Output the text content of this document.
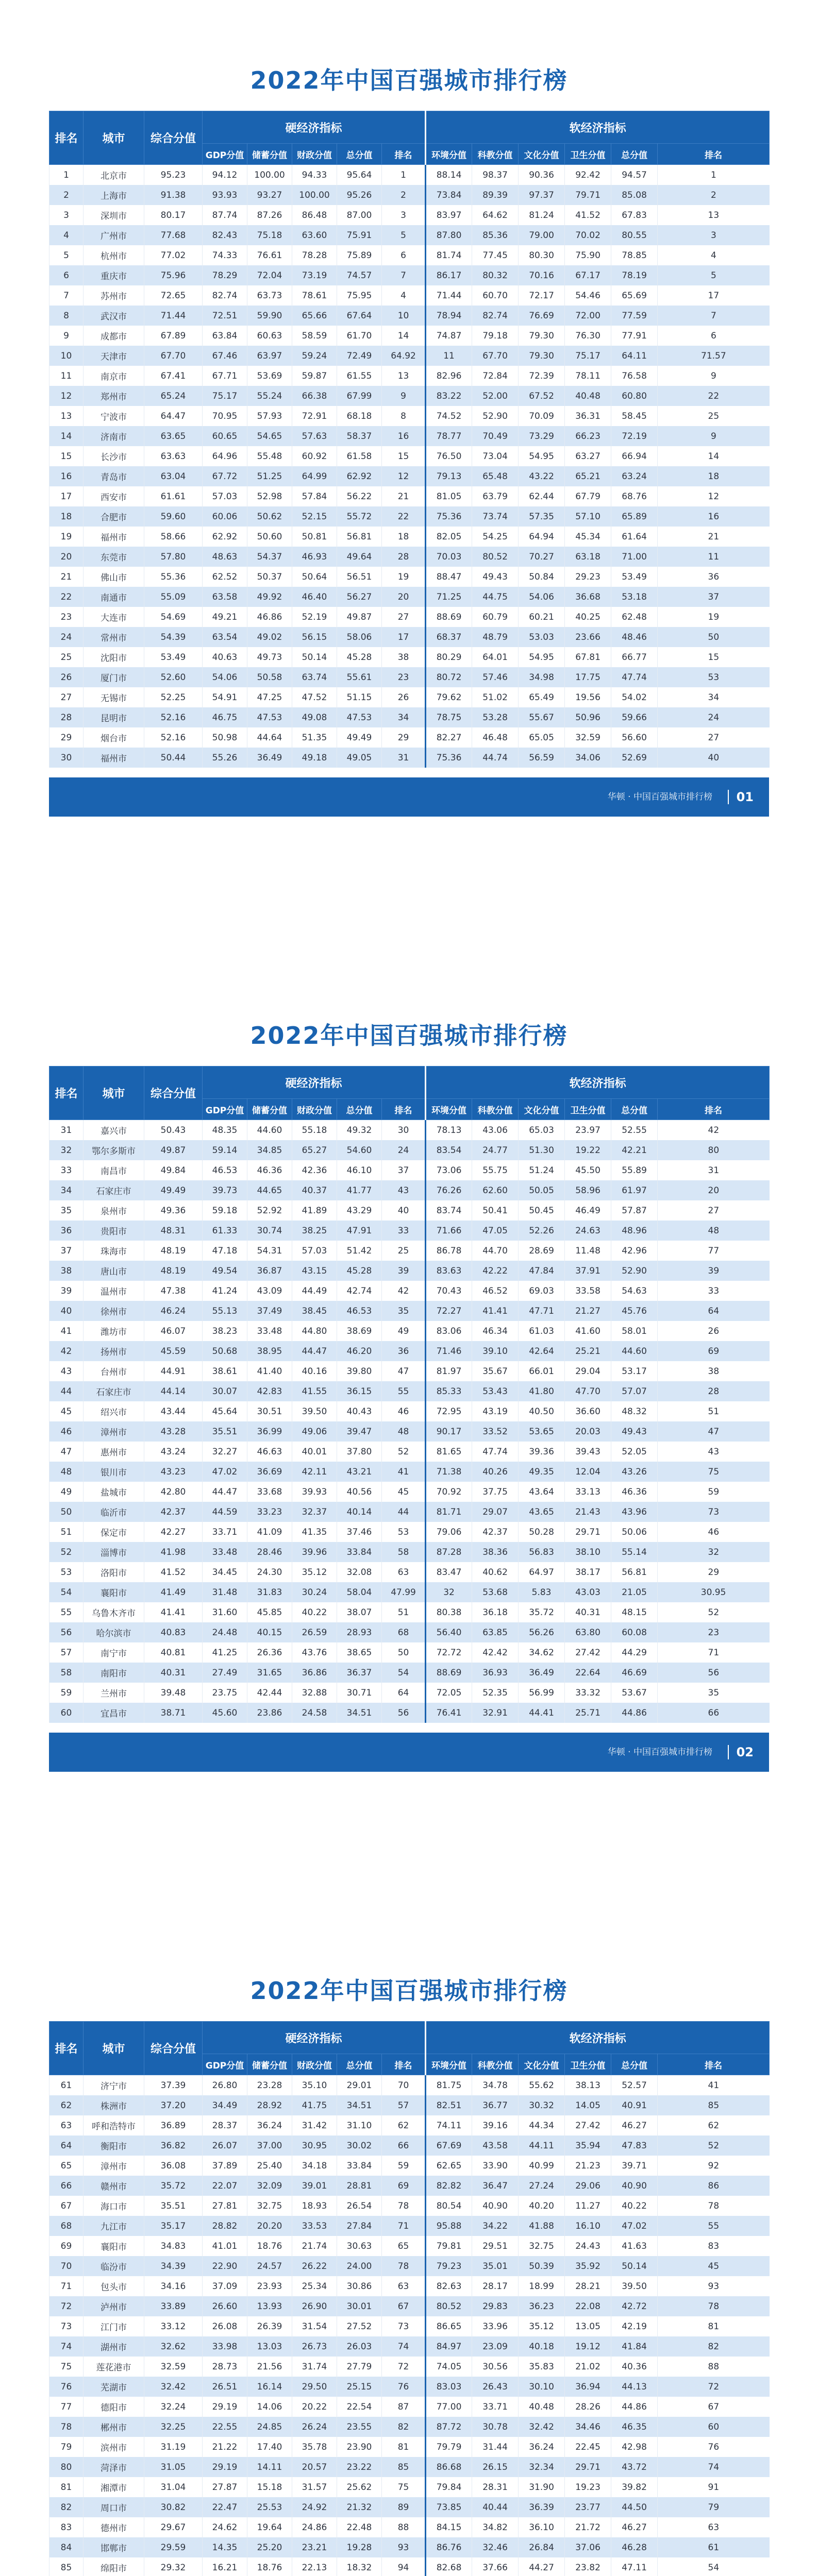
2022年中国百强城市排行榜
排名	城市	综合分值	硬经济指标					软经济指标					
			GDP分值	储蓄分值	财政分值	总分值	排名	环境分值	科教分值	文化分值	卫生分值	总分值	排名
1	北京市	95.23	94.12	100.00	94.33	95.64	1	88.14	98.37	90.36	92.42	94.57	1
2	上海市	91.38	93.93	93.27	100.00	95.26	2	73.84	89.39	97.37	79.71	85.08	2
3	深圳市	80.17	87.74	87.26	86.48	87.00	3	83.97	64.62	81.24	41.52	67.83	13
4	广州市	77.68	82.43	75.18	63.60	75.91	5	87.80	85.36	79.00	70.02	80.55	3
5	杭州市	77.02	74.33	76.61	78.28	75.89	6	81.74	77.45	80.30	75.90	78.85	4
6	重庆市	75.96	78.29	72.04	73.19	74.57	7	86.17	80.32	70.16	67.17	78.19	5
7	苏州市	72.65	82.74	63.73	78.61	75.95	4	71.44	60.70	72.17	54.46	65.69	17
8	武汉市	71.44	72.51	59.90	65.66	67.64	10	78.94	82.74	76.69	72.00	77.59	7
9	成都市	67.89	63.84	60.63	58.59	61.70	14	74.87	79.18	79.30	76.30	77.91	6
10	天津市	67.70	67.46	63.97	59.24	72.49	64.92	11	67.70	79.30	75.17	64.11	71.57
11	南京市	67.41	67.71	53.69	59.87	61.55	13	82.96	72.84	72.39	78.11	76.58	9
12	郑州市	65.24	75.17	55.24	66.38	67.99	9	83.22	52.00	67.52	40.48	60.80	22
13	宁波市	64.47	70.95	57.93	72.91	68.18	8	74.52	52.90	70.09	36.31	58.45	25
14	济南市	63.65	60.65	54.65	57.63	58.37	16	78.77	70.49	73.29	66.23	72.19	9
15	长沙市	63.63	64.96	55.48	60.92	61.58	15	76.50	73.04	54.95	63.27	66.94	14
16	青岛市	63.04	67.72	51.25	64.99	62.92	12	79.13	65.48	43.22	65.21	63.24	18
17	西安市	61.61	57.03	52.98	57.84	56.22	21	81.05	63.79	62.44	67.79	68.76	12
18	合肥市	59.60	60.06	50.62	52.15	55.72	22	75.36	73.74	57.35	57.10	65.89	16
19	福州市	58.66	62.92	50.60	50.81	56.81	18	82.05	54.25	64.94	45.34	61.64	21
20	东莞市	57.80	48.63	54.37	46.93	49.64	28	70.03	80.52	70.27	63.18	71.00	11
21	佛山市	55.36	62.52	50.37	50.64	56.51	19	88.47	49.43	50.84	29.23	53.49	36
22	南通市	55.09	63.58	49.92	46.40	56.27	20	71.25	44.75	54.06	36.68	53.18	37
23	大连市	54.69	49.21	46.86	52.19	49.87	27	88.69	60.79	60.21	40.25	62.48	19
24	常州市	54.39	63.54	49.02	56.15	58.06	17	68.37	48.79	53.03	23.66	48.46	50
25	沈阳市	53.49	40.63	49.73	50.14	45.28	38	80.29	64.01	54.95	67.81	66.77	15
26	厦门市	52.60	54.06	50.58	63.74	55.61	23	80.72	57.46	34.98	17.75	47.74	53
27	无锡市	52.25	54.91	47.25	47.52	51.15	26	79.62	51.02	65.49	19.56	54.02	34
28	昆明市	52.16	46.75	47.53	49.08	47.53	34	78.75	53.28	55.67	50.96	59.66	24
29	烟台市	52.16	50.98	44.64	51.35	49.49	29	82.27	46.48	65.05	32.59	56.60	27
30	福州市	50.44	55.26	36.49	49.18	49.05	31	75.36	44.74	56.59	34.06	52.69	40
华顿 · 中国百强城市排行榜 01
2022年中国百强城市排行榜
排名	城市	综合分值	硬经济指标					软经济指标						
			GDP分值	储蓄分值	财政分值	总分值	排名	环境分值	科教分值	文化分值	卫生分值	总分值	排名	
31	嘉兴市	50.43	48.35	44.60	55.18	49.32	30	78.13	43.06	65.03	23.97	52.55	42	
32	鄂尔多斯市	49.87	59.14	34.85	65.27	54.60	24	83.54	24.77	51.30	19.22	42.21	80	
33	南昌市	49.84	46.53	46.36	42.36	46.10	37	73.06	55.75	51.24	45.50	55.89	31	
34	石家庄市	49.49	39.73	44.65	40.37	41.77	43	76.26	62.60	50.05	58.96	61.97	20	
35	泉州市	49.36	59.18	52.92	41.89	43.29	40	83.74	50.41	50.45	46.49	57.87	27	
36	贵阳市	48.31	61.33	30.74	38.25	47.91	33	71.66	47.05	52.26	24.63	48.96	48	
37	珠海市	48.19	47.18	54.31	57.03	51.42	25	86.78	44.70	28.69	11.48	42.96	77	
38	唐山市	48.19	49.54	36.87	43.15	45.28	39	83.63	42.22	47.84	37.91	52.90	39	
39	温州市	47.38	41.24	43.09	44.49	42.74	42	70.43	46.52	69.03	33.58	54.63	33	
40	徐州市	46.24	55.13	37.49	38.45	46.53	35	72.27	41.41	47.71	21.27	45.76	64	
41	潍坊市	46.07	38.23	33.48	44.80	38.69	49	83.06	46.34	61.03	41.60	58.01	26	
42	扬州市	45.59	50.68	38.95	44.47	46.20	36	71.46	39.10	42.64	25.21	44.60	69	
43	台州市	44.91	38.61	41.40	40.16	39.80	47	81.97	35.67	66.01	29.04	53.17	38	
44	石家庄市	44.14	30.07	42.83	41.55	36.15	55	85.33	53.43	41.80	47.70	57.07	28	
45	绍兴市	43.44	45.64	30.51	39.50	40.43	46	72.95	43.19	40.50	36.60	48.32	51	
46	漳州市	43.28	35.51	36.99	49.06	39.47	48	90.17	33.52	53.65	20.03	49.43	47	
47	惠州市	43.24	32.27	46.63	40.01	37.80	52	81.65	47.74	39.36	39.43	52.05	43	
48	银川市	43.23	47.02	36.69	42.11	43.21	41	71.38	40.26	49.35	12.04	43.26	75	
49	盐城市	42.80	44.47	33.68	39.93	40.56	45	70.92	37.75	43.64	33.13	46.36	59	
50	临沂市	42.37	44.59	33.23	32.37	40.14	44	81.71	29.07	43.65	21.43	43.96	73	
51	保定市	42.27	33.71	41.09	41.35	37.46	53	79.06	42.37	50.28	29.71	50.06	46	
52	淄博市	41.98	33.48	28.46	39.96	33.84	58	87.28	38.36	56.83	38.10	55.14	32	
53	洛阳市	41.52	34.45	24.30	35.12	32.08	63	83.47	40.62	64.97	38.17	56.81	29	
54	襄阳市	41.49	31.48	31.83	30.24	58.04	47.99	32	53.68	5.83	43.03	21.05	30.95	
55	乌鲁木齐市	41.41	31.60	45.85	40.22	38.07	51	80.38	36.18	35.72	40.31	48.15	52	
56	哈尔滨市	40.83	24.48	40.15	26.59	28.93	68	56.40	63.85	56.26	63.80	60.08	23	
57	南宁市	40.81	41.25	26.36	43.76	38.65	50	72.72	42.42	34.62	27.42	44.29	71	
58	南阳市	40.31	27.49	31.65	36.86	36.37	54	88.69	36.93	36.49	22.64	46.69	56	
59	兰州市	39.48	23.75	42.44	32.88	30.71	64	72.05	52.35	56.99	33.32	53.67	35	
60	宜昌市	38.71	45.60	23.86	24.58	34.51	56	76.41	32.91	44.41	25.71	44.86	66	
华顿 · 中国百强城市排行榜 02
2022年中国百强城市排行榜
排名	城市	综合分值	硬经济指标					软经济指标					
			GDP分值	储蓄分值	财政分值	总分值	排名	环境分值	科教分值	文化分值	卫生分值	总分值	排名
61	济宁市	37.39	26.80	23.28	35.10	29.01	70	81.75	34.78	55.62	38.13	52.57	41
62	株洲市	37.20	34.49	28.92	41.75	34.51	57	82.51	36.77	30.32	14.05	40.91	85
63	呼和浩特市	36.89	28.37	36.24	31.42	31.10	62	74.11	39.16	44.34	27.42	46.27	62
64	衡阳市	36.82	26.07	37.00	30.95	30.02	66	67.69	43.58	44.11	35.94	47.83	52
65	漳州市	36.08	37.89	25.40	34.18	33.84	59	62.65	33.90	40.99	21.23	39.71	92
66	赣州市	35.72	22.07	32.09	39.01	28.81	69	82.82	36.47	27.24	29.06	40.90	86
67	海口市	35.51	27.81	32.75	18.93	26.54	78	80.54	40.90	40.20	11.27	40.22	78
68	九江市	35.17	28.82	20.20	33.53	27.84	71	95.88	34.22	41.88	16.10	47.02	55
69	襄阳市	34.83	41.01	18.76	21.74	30.63	65	79.81	29.51	32.75	24.43	41.63	83
70	临汾市	34.39	22.90	24.57	26.22	24.00	78	79.23	35.01	50.39	35.92	50.14	45
71	包头市	34.16	37.09	23.93	25.34	30.86	63	82.63	28.17	18.99	28.21	39.50	93
72	泸州市	33.89	26.60	13.93	26.90	30.01	67	80.52	29.83	36.23	22.08	42.72	78
73	江门市	33.12	26.08	26.39	31.54	27.52	73	86.65	33.96	35.12	13.05	42.19	81
74	湖州市	32.62	33.98	13.03	26.73	26.03	74	84.97	23.09	40.18	19.12	41.84	82
75	莲花港市	32.59	28.73	21.56	31.74	27.79	72	74.05	30.56	35.83	21.02	40.36	88
76	芜湖市	32.42	26.51	16.14	29.50	25.15	76	83.03	26.43	30.10	36.94	44.13	72
77	德阳市	32.24	29.19	14.06	20.22	22.54	87	77.00	33.71	40.48	28.26	44.86	67
78	郴州市	32.25	22.55	24.85	26.24	23.55	82	87.72	30.78	32.42	34.46	46.35	60
79	滨州市	31.19	21.22	17.40	35.78	23.90	81	79.79	31.44	36.24	22.45	42.98	76
80	菏泽市	31.05	29.19	14.11	20.57	23.22	85	86.68	26.15	32.34	29.71	43.72	74
81	湘潭市	31.04	27.87	15.18	31.57	25.62	75	79.84	28.31	31.90	19.23	39.82	91
82	周口市	30.82	22.47	25.53	24.92	21.32	89	73.85	40.44	36.39	23.77	44.50	79
83	德州市	29.67	24.62	19.64	24.86	22.48	88	84.15	34.82	36.10	21.72	46.27	63
84	邯郸市	29.59	14.35	25.20	23.21	19.28	93	86.76	32.46	26.84	37.06	46.28	61
85	绵阳市	29.32	16.21	18.76	22.13	18.32	94	82.68	37.66	44.27	23.82	47.11	54
